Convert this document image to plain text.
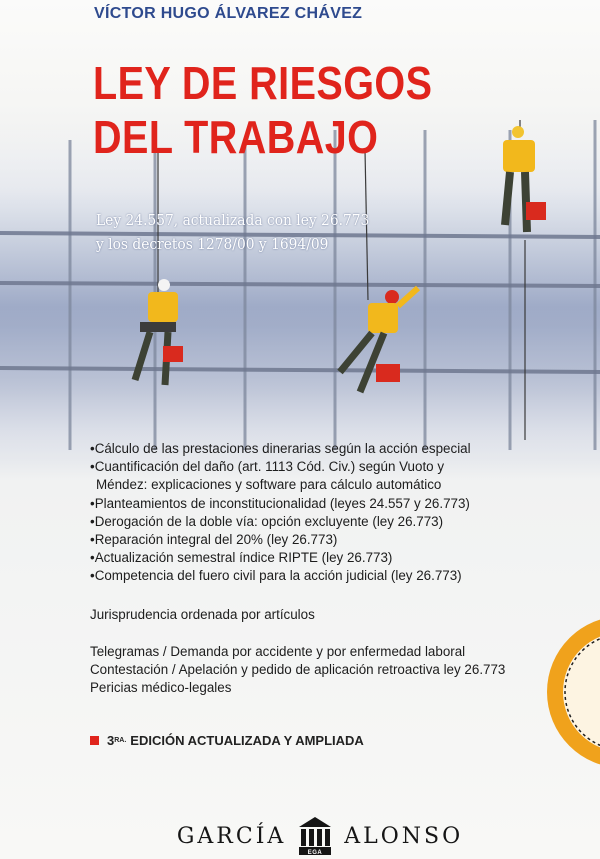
VÍCTOR HUGO ÁLVAREZ CHÁVEZ
LEY DE RIESGOS
DEL TRABAJO
Ley 24.557, actualizada con ley 26.773
y los decretos 1278/00 y 1694/09
•Cálculo de las prestaciones dinerarias según la acción especial
•Cuantificación del daño (art. 1113 Cód. Civ.) según Vuoto y
Méndez: explicaciones y software para cálculo automático
•Planteamientos de inconstitucionalidad (leyes 24.557 y 26.773)
•Derogación de la doble vía: opción excluyente (ley 26.773)
•Reparación integral del 20% (ley 26.773)
•Actualización semestral índice RIPTE (ley 26.773)
•Competencia del fuero civil para la acción judicial (ley 26.773)
Jurisprudencia ordenada por artículos
Telegramas / Demanda por accidente y por enfermedad laboral
Contestación / Apelación y pedido de aplicación retroactiva ley 26.773
Pericias médico-legales
3 RA. EDICIÓN ACTUALIZADA Y AMPLIADA
GARCÍA
EGA
ALONSO
